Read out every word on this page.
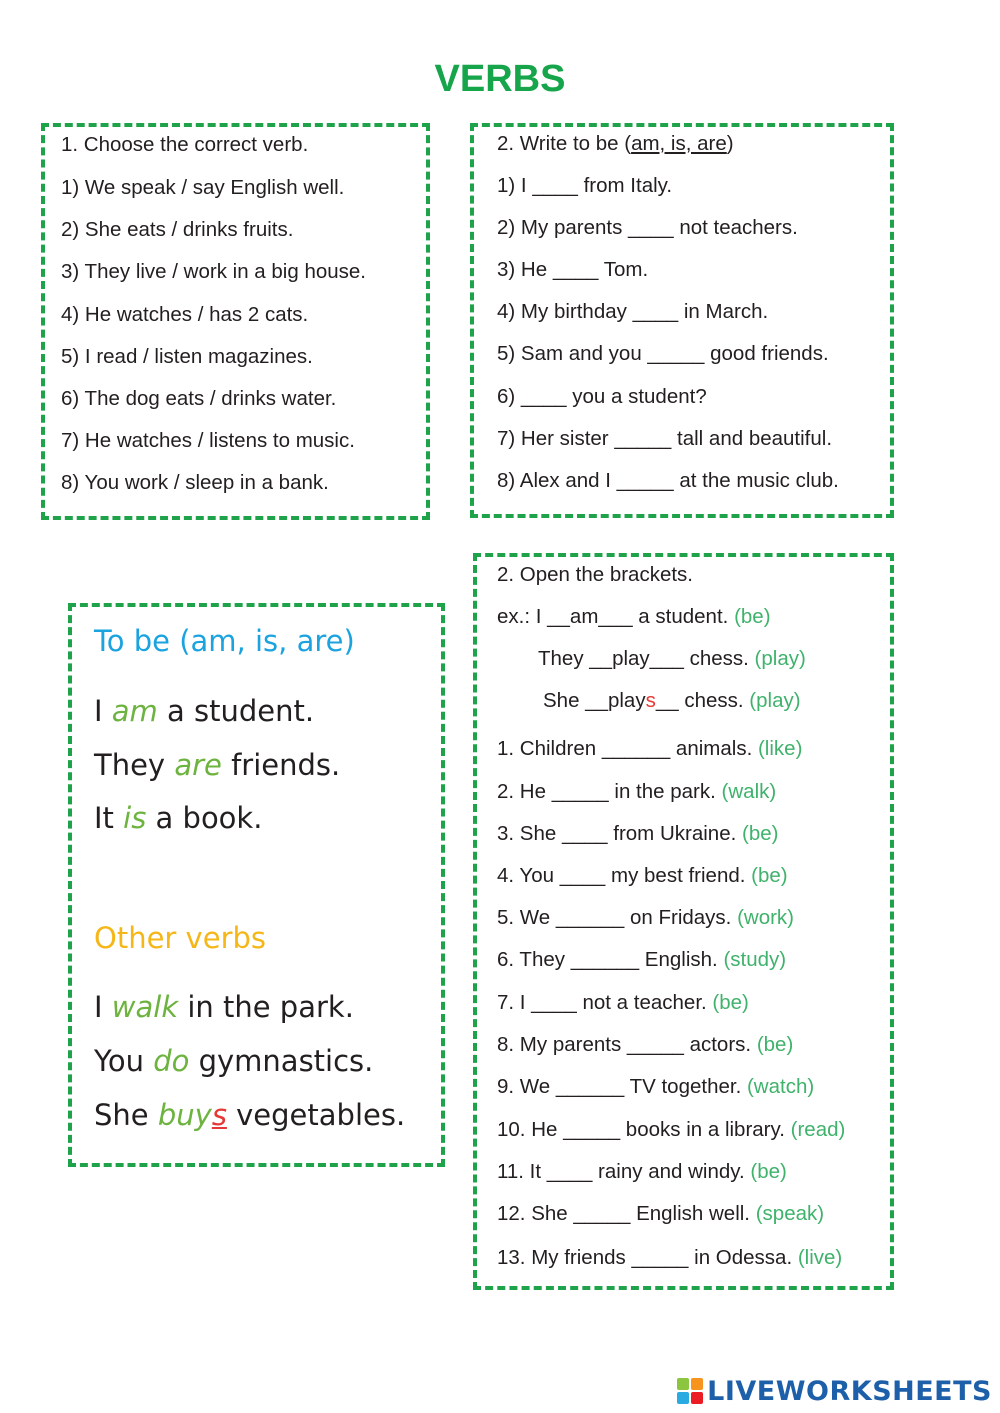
VERBS
1. Choose the correct verb.
1) We speak / say English well.
2) She eats / drinks fruits.
3) They live / work in a big house.
4) He watches / has 2 cats.
5) I read / listen magazines.
6) The dog eats / drinks water.
7) He watches / listens to music.
8) You work / sleep in a bank.
2. Write to be (am, is, are)
1) I ____ from Italy.
2) My parents ____ not teachers.
3) He ____ Tom.
4) My birthday ____ in March.
5) Sam and you _____ good friends.
6) ____ you a student?
7) Her sister _____ tall and beautiful.
8) Alex and I _____ at the music club.
To be (am, is, are)
I am a student.
They are friends.
It is a book.
Other verbs
I walk in the park.
You do gymnastics.
She buys vegetables.
2. Open the brackets.
ex.: I __am___ a student. (be)
They __play___ chess. (play)
She __plays__ chess. (play)
1. Children ______ animals. (like)
2. He _____ in the park. (walk)
3. She ____ from Ukraine. (be)
4. You ____ my best friend. (be)
5. We ______ on Fridays. (work)
6. They ______ English. (study)
7. I ____ not a teacher. (be)
8. My parents _____ actors. (be)
9. We ______ TV together. (watch)
10. He _____ books in a library. (read)
11. It ____ rainy and windy. (be)
12. She _____ English well. (speak)
13. My friends _____ in Odessa. (live)
LIVEWORKSHEETS
